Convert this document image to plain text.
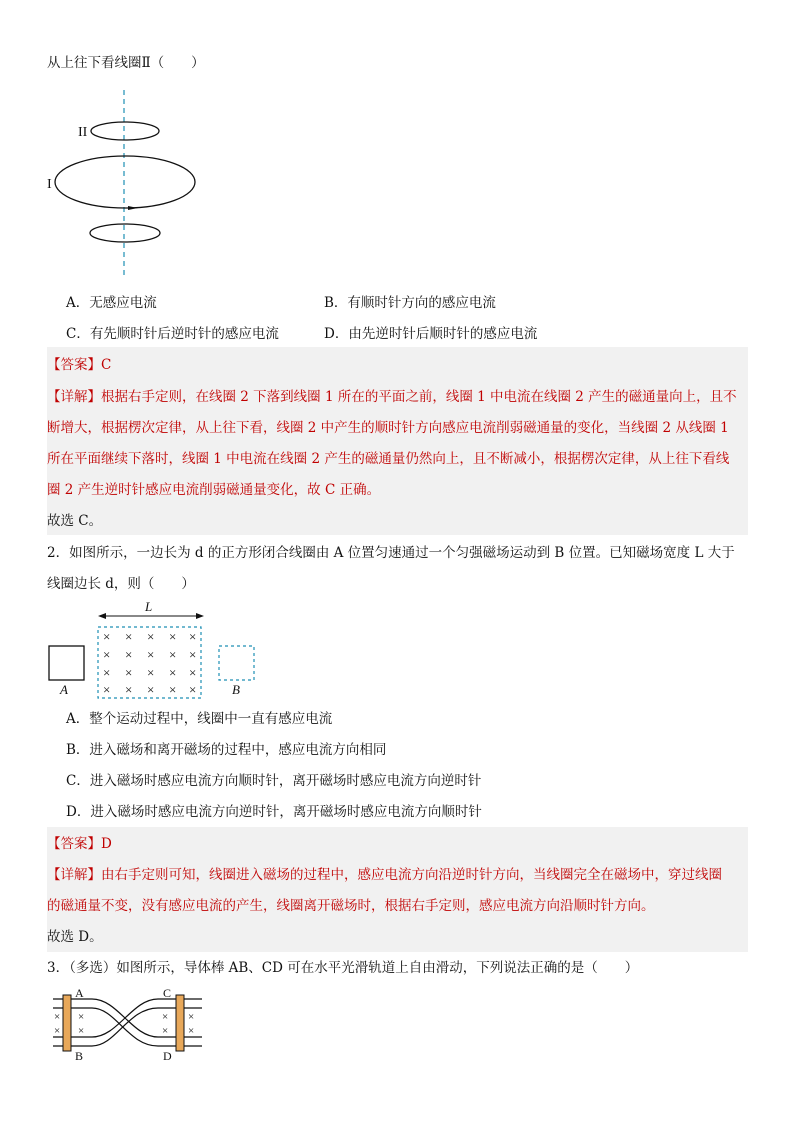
从上往下看线圈Ⅱ（　　）
II
I
A．无感应电流	B．有顺时针方向的感应电流
C．有先顺时针后逆时针的感应电流	D．由先逆时针后顺时针的感应电流
【答案】C
【详解】根据右手定则，在线圈 2 下落到线圈 1 所在的平面之前，线圈 1 中电流在线圈 2 产生的磁通量向上，且不
断增大，根据楞次定律，从上往下看，线圈 2 中产生的顺时针方向感应电流削弱磁通量的变化，当线圈 2 从线圈 1
所在平面继续下落时，线圈 1 中电流在线圈 2 产生的磁通量仍然向上，且不断减小，根据楞次定律，从上往下看线
圈 2 产生逆时针感应电流削弱磁通量变化，故 C 正确。
故选 C。
2．如图所示，一边长为 d 的正方形闭合线圈由 A 位置匀速通过一个匀强磁场运动到 B 位置。已知磁场宽度 L 大于
线圈边长 d，则（　　）
L
× × × × ×
× × × × ×
× × × × ×
× × × × ×
A	B
A．整个运动过程中，线圈中一直有感应电流
B．进入磁场和离开磁场的过程中，感应电流方向相同
C．进入磁场时感应电流方向顺时针，离开磁场时感应电流方向逆时针
D．进入磁场时感应电流方向逆时针，离开磁场时感应电流方向顺时针
【答案】D
【详解】由右手定则可知，线圈进入磁场的过程中，感应电流方向沿逆时针方向，当线圈完全在磁场中，穿过线圈
的磁通量不变，没有感应电流的产生，线圈离开磁场时，根据右手定则，感应电流方向沿顺时针方向。
故选 D。
3．（多选）如图所示，导体棒 AB、CD 可在水平光滑轨道上自由滑动，下列说法正确的是（　　）
× ×
× ×
× ×
× ×
A
B
C
D
